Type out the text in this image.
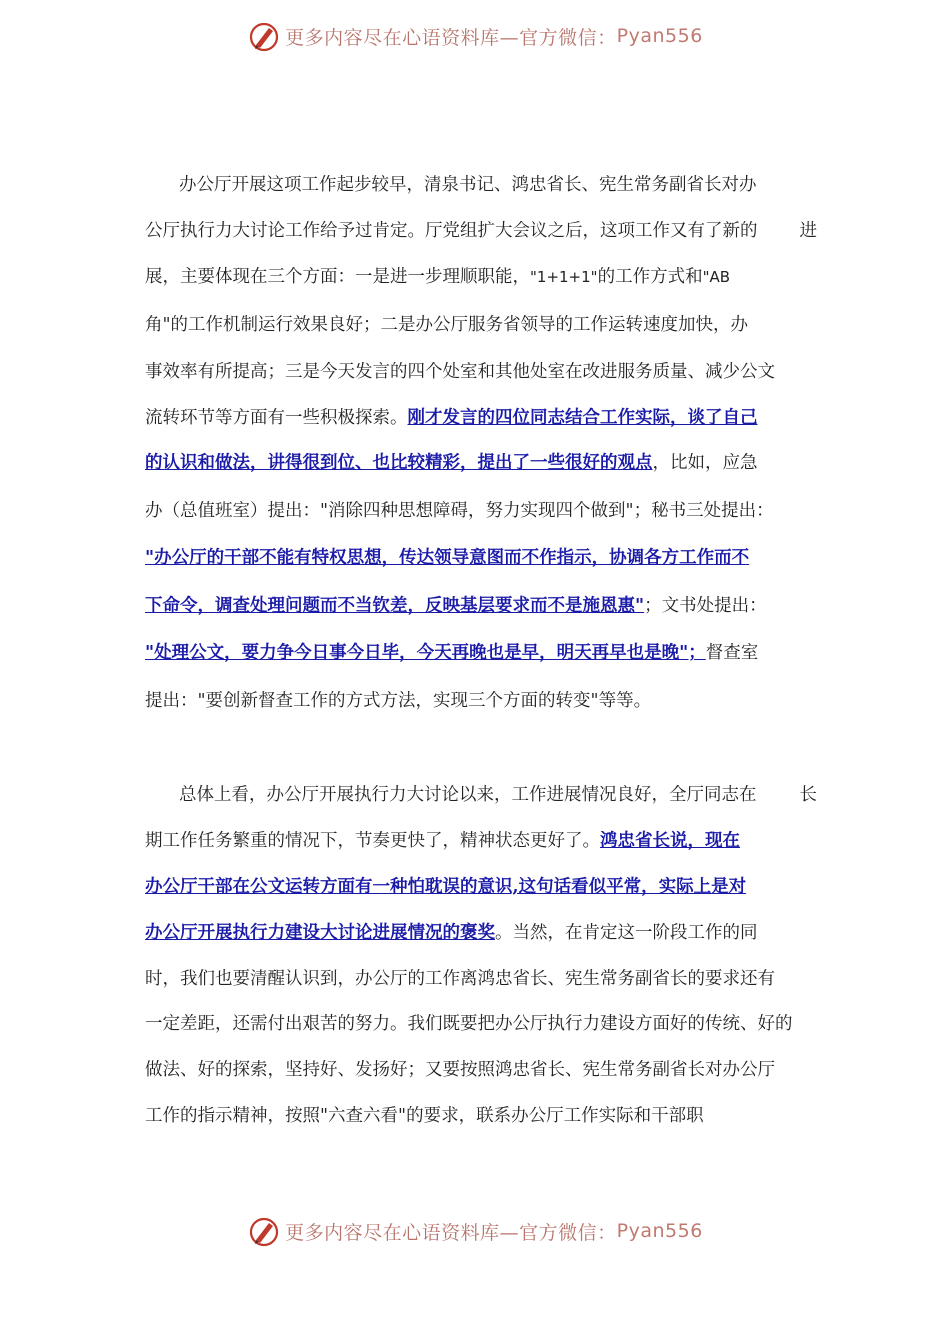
更多内容尽在心语资料库—官方微信： Pyan556
办公厅开展这项工作起步较早，清泉书记、鸿忠省长、宪生常务副省长对办
公厅执行力大讨论工作给予过肯定。厅党组扩大会议之后，这项工作又有了新的 进
展，主要体现在三个方面：一是进一步理顺职能，"1+1+1"的工作方式和"AB
角"的工作机制运行效果良好；二是办公厅服务省领导的工作运转速度加快，办
事效率有所提高；三是今天发言的四个处室和其他处室在改进服务质量、减少公文
流转环节等方面有一些积极探索。刚才发言的四位同志结合工作实际，谈了自己
的认识和做法，讲得很到位、也比较精彩，提出了一些很好的观点，比如，应急
办（总值班室）提出："消除四种思想障碍，努力实现四个做到"；秘书三处提出：
"办公厅的干部不能有特权思想，传达领导意图而不作指示，协调各方工作而不
下命令，调查处理问题而不当钦差，反映基层要求而不是施恩惠"；文书处提出：
"处理公文，要力争今日事今日毕，今天再晚也是早，明天再早也是晚"；督查室
提出："要创新督查工作的方式方法，实现三个方面的转变"等等。
总体上看，办公厅开展执行力大讨论以来，工作进展情况良好，全厅同志在 长
期工作任务繁重的情况下，节奏更快了，精神状态更好了。鸿忠省长说，现在
办公厅干部在公文运转方面有一种怕耽误的意识,这句话看似平常，实际上是对
办公厅开展执行力建设大讨论进展情况的褒奖。当然，在肯定这一阶段工作的同
时，我们也要清醒认识到，办公厅的工作离鸿忠省长、宪生常务副省长的要求还有
一定差距，还需付出艰苦的努力。我们既要把办公厅执行力建设方面好的传统、好的
做法、好的探索，坚持好、发扬好；又要按照鸿忠省长、宪生常务副省长对办公厅
工作的指示精神，按照"六查六看"的要求，联系办公厅工作实际和干部职
更多内容尽在心语资料库—官方微信： Pyan556
